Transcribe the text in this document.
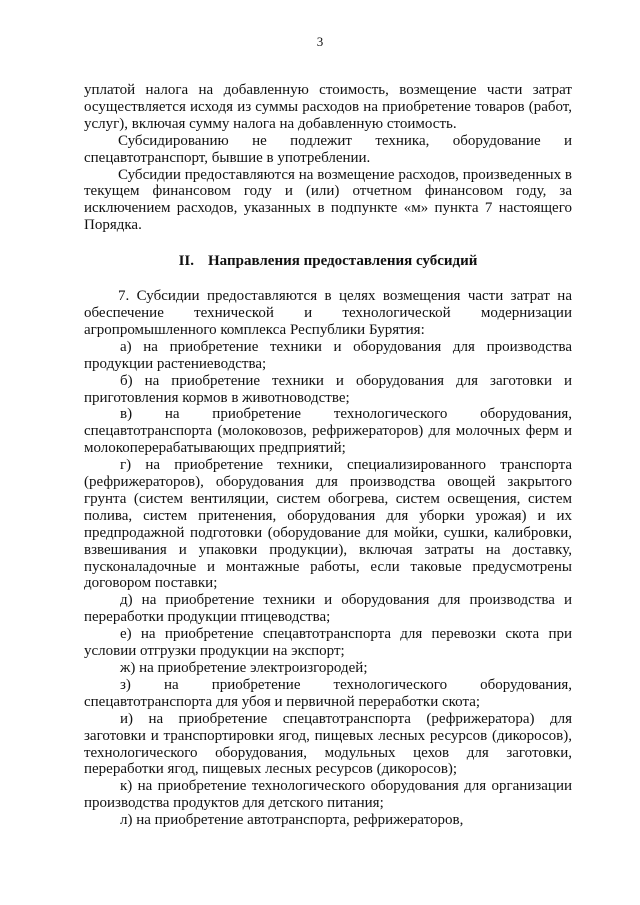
3

уплатой налога на добавленную стоимость, возмещение части затрат осуществляется исходя из суммы расходов на приобретение товаров (работ, услуг), включая сумму налога на добавленную стоимость.

Субсидированию не подлежит техника, оборудование и спецавтотранспорт, бывшие в употреблении.

Субсидии предоставляются на возмещение расходов, произведенных в текущем финансовом году и (или) отчетном финансовом году, за исключением расходов, указанных в подпункте «м» пункта 7 настоящего Порядка.

II. Направления предоставления субсидий

7. Субсидии предоставляются в целях возмещения части затрат на обеспечение технической и технологической модернизации агропромышленного комплекса Республики Бурятия:

а) на приобретение техники и оборудования для производства продукции растениеводства;

б) на приобретение техники и оборудования для заготовки и приготовления кормов в животноводстве;

в) на приобретение технологического оборудования, спецавтотранспорта (молоковозов, рефрижераторов) для молочных ферм и молокоперерабатывающих предприятий;

г) на приобретение техники, специализированного транспорта (рефрижераторов), оборудования для производства овощей закрытого грунта (систем вентиляции, систем обогрева, систем освещения, систем полива, систем притенения, оборудования для уборки урожая) и их предпродажной подготовки (оборудование для мойки, сушки, калибровки, взвешивания и упаковки продукции), включая затраты на доставку, пусконаладочные и монтажные работы, если таковые предусмотрены договором поставки;

д) на приобретение техники и оборудования для производства и переработки продукции птицеводства;

е) на приобретение спецавтотранспорта для перевозки скота при условии отгрузки продукции на экспорт;

ж) на приобретение электроизгородей;

з) на приобретение технологического оборудования, спецавтотранспорта для убоя и первичной переработки скота;

и) на приобретение спецавтотранспорта (рефрижератора) для заготовки и транспортировки ягод, пищевых лесных ресурсов (дикоросов), технологического оборудования, модульных цехов для заготовки, переработки ягод, пищевых лесных ресурсов (дикоросов);

к) на приобретение технологического оборудования для организации производства продуктов для детского питания;

л) на приобретение автотранспорта, рефрижераторов,
